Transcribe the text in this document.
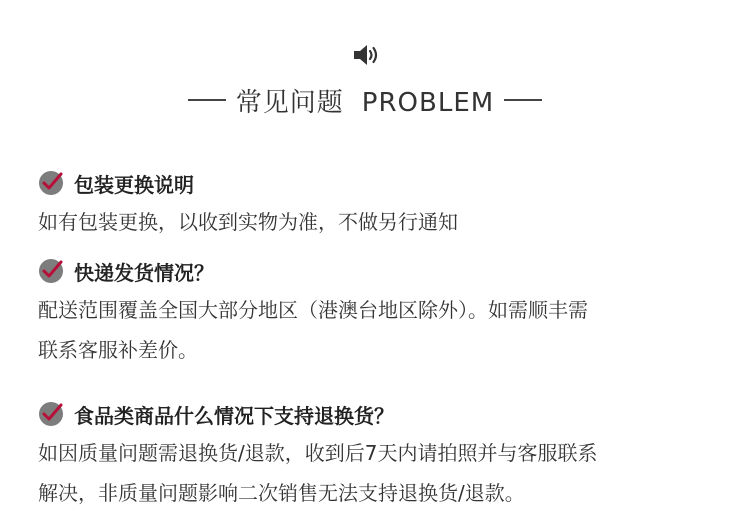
常见问题 PROBLEM
包装更换说明
如有包装更换，以收到实物为准，不做另行通知
快递发货情况？
配送范围覆盖全国大部分地区（港澳台地区除外）。如需顺丰需
联系客服补差价。
食品类商品什么情况下支持退换货？
如因质量问题需退换货/退款，收到后7天内请拍照并与客服联系
解决，非质量问题影响二次销售无法支持退换货/退款。
